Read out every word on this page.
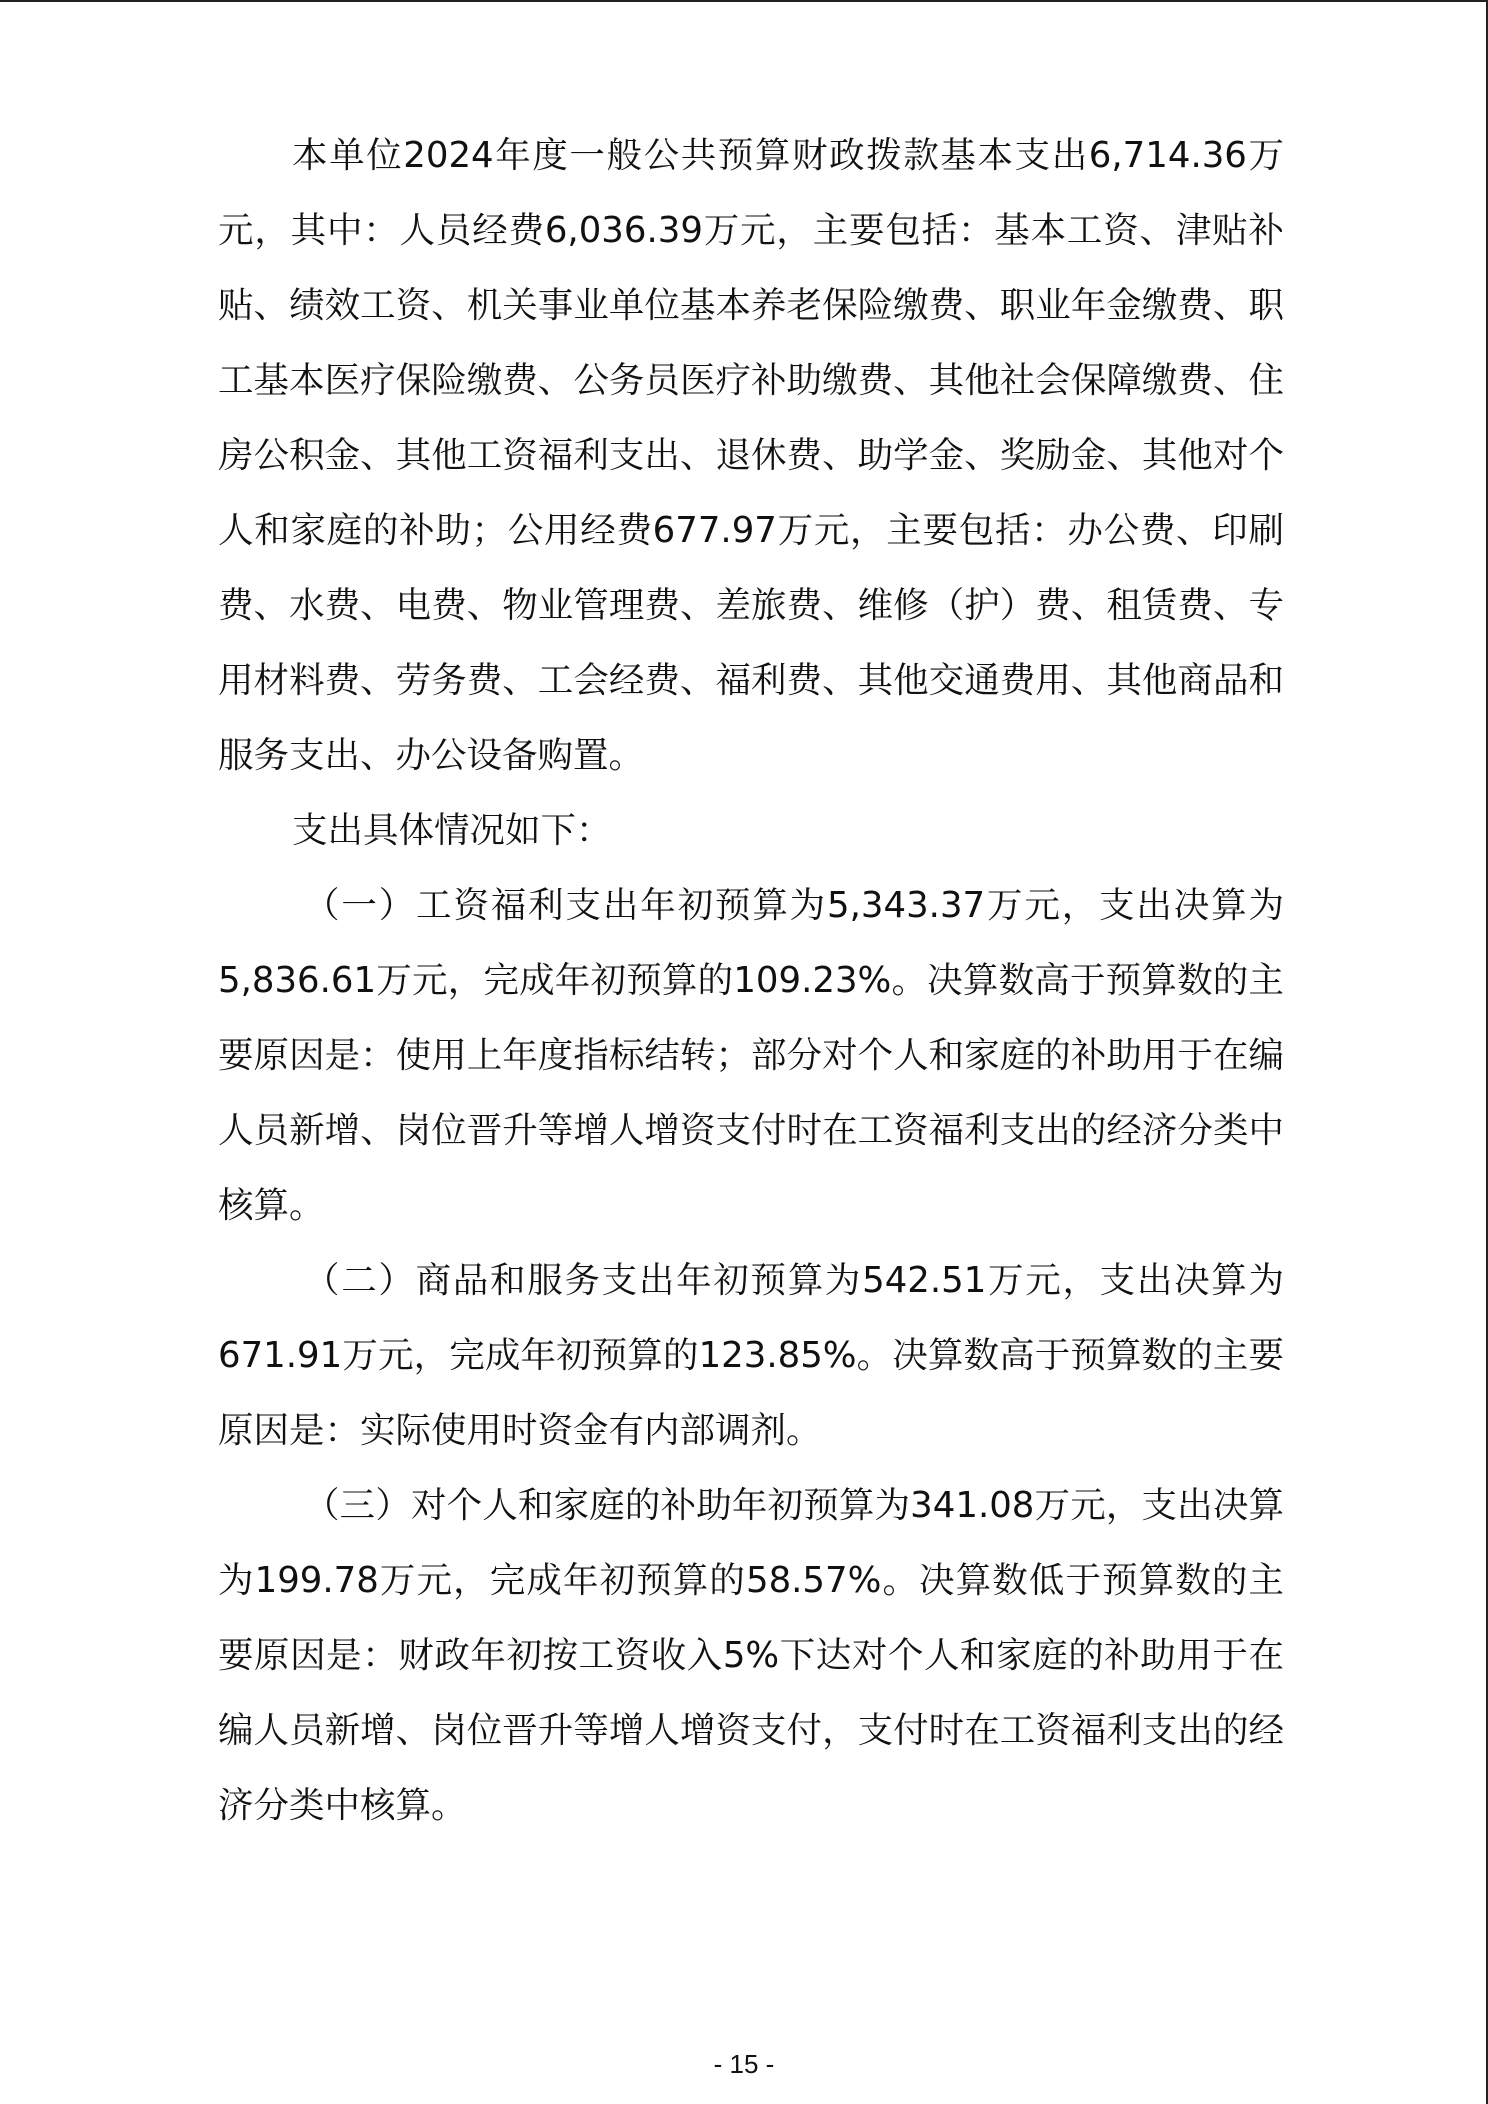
本单位2024年度一般公共预算财政拨款基本支出6,714.36万元，其中：人员经费6,036.39万元，主要包括：基本工资、津贴补贴、绩效工资、机关事业单位基本养老保险缴费、职业年金缴费、职工基本医疗保险缴费、公务员医疗补助缴费、其他社会保障缴费、住房公积金、其他工资福利支出、退休费、助学金、奖励金、其他对个人和家庭的补助；公用经费677.97万元，主要包括：办公费、印刷费、水费、电费、物业管理费、差旅费、维修（护）费、租赁费、专用材料费、劳务费、工会经费、福利费、其他交通费用、其他商品和服务支出、办公设备购置。

支出具体情况如下：

（一）工资福利支出年初预算为5,343.37万元，支出决算为5,836.61万元，完成年初预算的109.23%。决算数高于预算数的主要原因是：使用上年度指标结转；部分对个人和家庭的补助用于在编人员新增、岗位晋升等增人增资支付时在工资福利支出的经济分类中核算。

（二）商品和服务支出年初预算为542.51万元，支出决算为671.91万元，完成年初预算的123.85%。决算数高于预算数的主要原因是：实际使用时资金有内部调剂。

（三）对个人和家庭的补助年初预算为341.08万元，支出决算为199.78万元，完成年初预算的58.57%。决算数低于预算数的主要原因是：财政年初按工资收入5%下达对个人和家庭的补助用于在编人员新增、岗位晋升等增人增资支付，支付时在工资福利支出的经济分类中核算。

- 15 -
